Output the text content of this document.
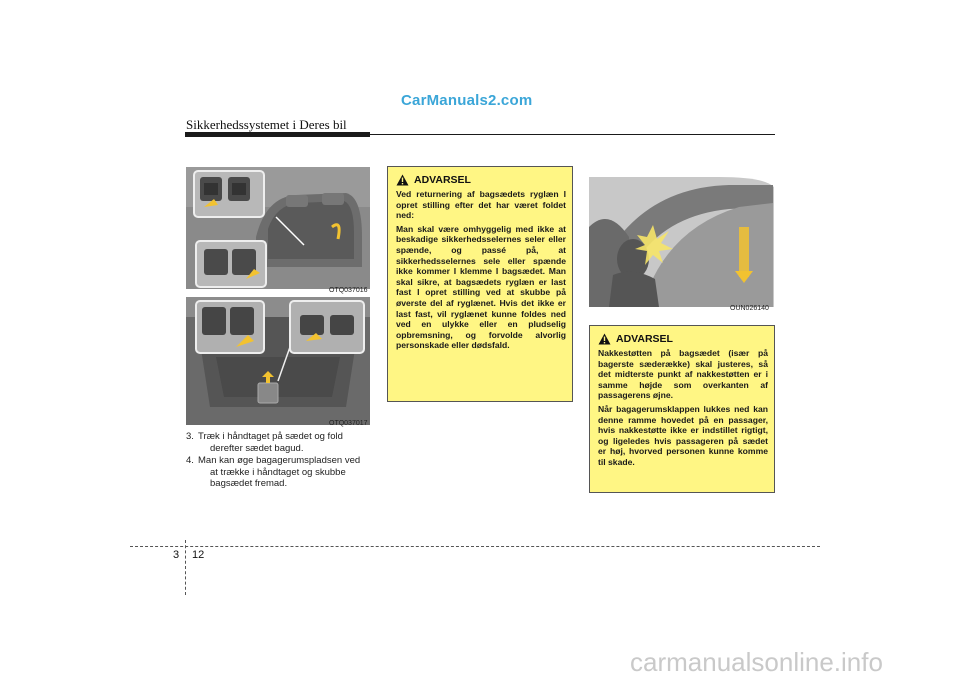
CarManuals2.com
Sikkerhedssystemet i Deres bil
OTQ037016
OTQ037017
3. Træk i håndtaget på sædet og fold
derefter sædet bagud.
4. Man kan øge bagagerumspladsen ved
at trække i håndtaget og skubbe
bagsædet fremad.
ADVARSEL

Ved returnering af bagsædets ryglæn I opret stilling efter det har været foldet ned:

Man skal være omhyggelig med ikke at beskadige sikkerhedsselernes seler eller spænde, og passé på, at sikkerhedsselernes sele eller spænde ikke kommer I klemme I bagsædet. Man skal sikre, at bagsædets ryglæn er last fast I opret stilling ved at skubbe på øverste del af ryglænet. Hvis det ikke er last fast, vil ryglænet kunne foldes ned ved en ulykke eller en pludselig opbremsning, og forvolde alvorlig personskade eller dødsfald.

OUN026140
ADVARSEL

Nakkestøtten på bagsædet (især på bagerste sæderække) skal justeres, så det midterste punkt af nakkestøtten er i samme højde som overkanten af passagerens øjne.

Når bagagerumsklappen lukkes ned kan denne ramme hovedet på en passager, hvis nakkestøtte ikke er indstillet rigtigt, og ligeledes hvis passageren på sædet er høj, hvorved personen kunne komme til skade.

3 12
carmanualsonline.info
